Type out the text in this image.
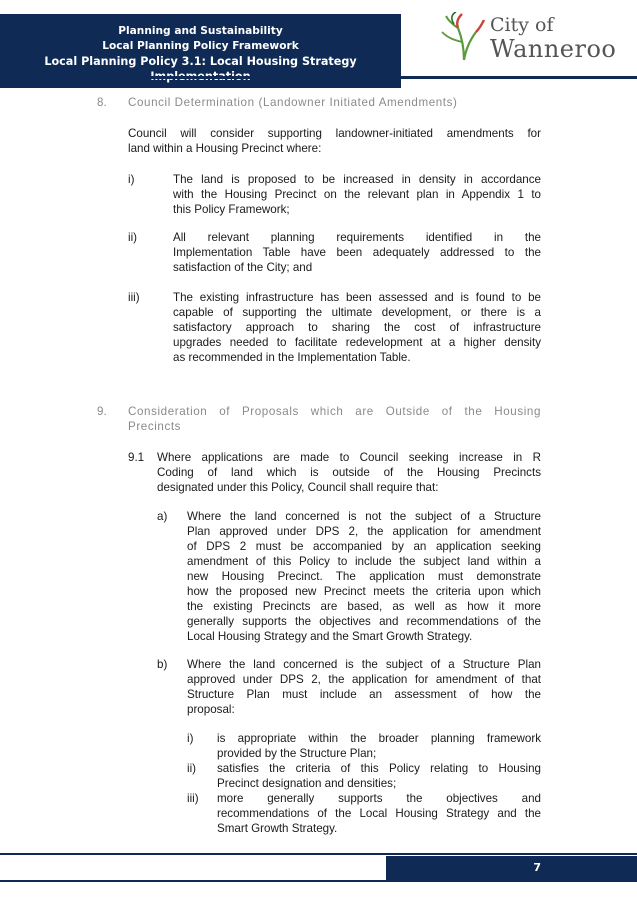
Planning and Sustainability
Local Planning Policy Framework
Local Planning Policy 3.1: Local Housing Strategy
City of
Wanneroo
8. Council Determination (Landowner Initiated Amendments)
Council will consider supporting landowner-initiated amendments for
land within a Housing Precinct where:
i)	The land is proposed to be increased in density in accordance
with the Housing Precinct on the relevant plan in Appendix 1 to
this Policy Framework;
ii)	All    relevant    planning    requirements    identified    in    the
Implementation Table have been adequately addressed to the
satisfaction of the City; and
iii)	The existing infrastructure has been assessed and is found to be
capable of supporting the ultimate development, or there is a
satisfactory approach to sharing the cost of infrastructure
upgrades needed to facilitate redevelopment at a higher density
as recommended in the Implementation Table.
9. Consideration of Proposals which are Outside of the Housing
Precincts
9.1 Where applications are made to Council seeking increase in R
Coding of land which is outside of the Housing Precincts
designated under this Policy, Council shall require that:
a) Where the land concerned is not the subject of a Structure
Plan approved under DPS 2, the application for amendment
of DPS 2 must be accompanied by an application seeking
amendment of this Policy to include the subject land within a
new Housing Precinct. The application must demonstrate
how the proposed new Precinct meets the criteria upon which
the existing Precincts are based, as well as how it more
generally supports the objectives and recommendations of the
Local Housing Strategy and the Smart Growth Strategy.
b) Where the land concerned is the subject of a Structure Plan
approved under DPS 2, the application for amendment of that
Structure Plan must include an assessment of how the
proposal:
i) is appropriate within the broader planning framework
provided by the Structure Plan;
ii) satisfies the criteria of this Policy relating to Housing
Precinct designation and densities;
iii) more       generally       supports       the       objectives       and
recommendations of the Local Housing Strategy and the
Smart Growth Strategy.
7
